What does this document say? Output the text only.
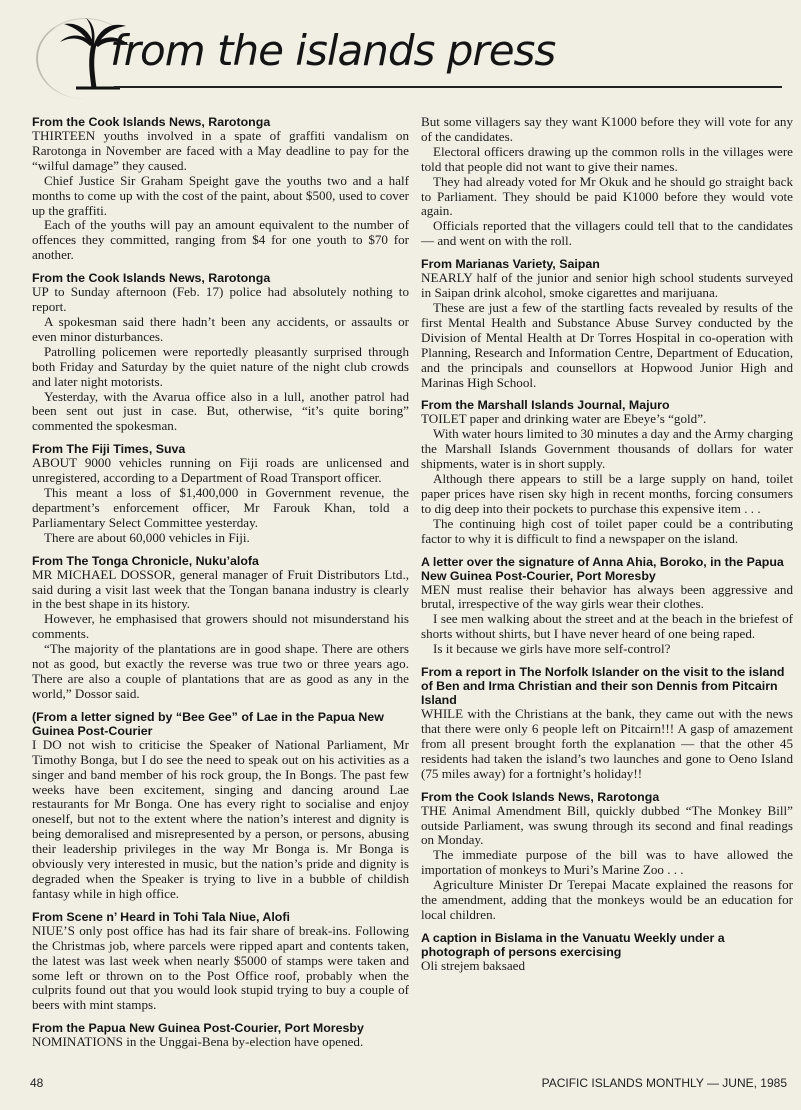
from the islands press
From the Cook Islands News, Rarotonga

THIRTEEN youths involved in a spate of graffiti vandalism on Rarotonga in November are faced with a May deadline to pay for the “wilful damage” they caused.

Chief Justice Sir Graham Speight gave the youths two and a half months to come up with the cost of the paint, about $500, used to cover up the graffiti.

Each of the youths will pay an amount equivalent to the number of offences they committed, ranging from $4 for one youth to $70 for another.

From the Cook Islands News, Rarotonga

UP to Sunday afternoon (Feb. 17) police had absolutely nothing to report.

A spokesman said there hadn’t been any accidents, or assaults or even minor disturbances.

Patrolling policemen were reportedly pleasantly surprised through both Friday and Saturday by the quiet nature of the night club crowds and later night motorists.

Yesterday, with the Avarua office also in a lull, another patrol had been sent out just in case. But, otherwise, “it’s quite boring” commented the spokesman.

From The Fiji Times, Suva

ABOUT 9000 vehicles running on Fiji roads are unlicensed and unregistered, according to a Department of Road Transport officer.

This meant a loss of $1,400,000 in Government revenue, the department’s enforcement officer, Mr Farouk Khan, told a Parliamentary Select Committee yesterday.

There are about 60,000 vehicles in Fiji.

From The Tonga Chronicle, Nuku’alofa

MR MICHAEL DOSSOR, general manager of Fruit Distributors Ltd., said during a visit last week that the Tongan banana industry is clearly in the best shape in its history.

However, he emphasised that growers should not misunderstand his comments.

“The majority of the plantations are in good shape. There are others not as good, but exactly the reverse was true two or three years ago. There are also a couple of plantations that are as good as any in the world,” Dossor said.

(From a letter signed by “Bee Gee” of Lae in the Papua New Guinea Post-Courier

I DO not wish to criticise the Speaker of National Parliament, Mr Timothy Bonga, but I do see the need to speak out on his activities as a singer and band member of his rock group, the In Bongs. The past few weeks have been excitement, singing and dancing around Lae restaurants for Mr Bonga. One has every right to socialise and enjoy oneself, but not to the extent where the nation’s interest and dignity is being demoralised and misrepresented by a person, or persons, abusing their leadership privileges in the way Mr Bonga is. Mr Bonga is obviously very interested in music, but the nation’s pride and dignity is degraded when the Speaker is trying to live in a bubble of childish fantasy while in high office.

From Scene n’ Heard in Tohi Tala Niue, Alofi

NIUE’S only post office has had its fair share of break-ins. Following the Christmas job, where parcels were ripped apart and contents taken, the latest was last week when nearly $5000 of stamps were taken and some left or thrown on to the Post Office roof, probably when the culprits found out that you would look stupid trying to buy a couple of beers with mint stamps.

From the Papua New Guinea Post-Courier, Port Moresby

NOMINATIONS in the Unggai-Bena by-election have opened.

But some villagers say they want K1000 before they will vote for any of the candidates.

Electoral officers drawing up the common rolls in the villages were told that people did not want to give their names.

They had already voted for Mr Okuk and he should go straight back to Parliament. They should be paid K1000 before they would vote again.

Officials reported that the villagers could tell that to the candidates — and went on with the roll.

From Marianas Variety, Saipan

NEARLY half of the junior and senior high school students surveyed in Saipan drink alcohol, smoke cigarettes and marijuana.

These are just a few of the startling facts revealed by results of the first Mental Health and Substance Abuse Survey conducted by the Division of Mental Health at Dr Torres Hospital in co-operation with Planning, Research and Information Centre, Department of Education, and the principals and counsellors at Hopwood Junior High and Marinas High School.

From the Marshall Islands Journal, Majuro

TOILET paper and drinking water are Ebeye’s “gold”.

With water hours limited to 30 minutes a day and the Army charging the Marshall Islands Government thousands of dollars for water shipments, water is in short supply.

Although there appears to still be a large supply on hand, toilet paper prices have risen sky high in recent months, forcing consumers to dig deep into their pockets to purchase this expensive item . . .

The continuing high cost of toilet paper could be a contributing factor to why it is difficult to find a newspaper on the island.

A letter over the signature of Anna Ahia, Boroko, in the Papua New Guinea Post-Courier, Port Moresby

MEN must realise their behavior has always been aggressive and brutal, irrespective of the way girls wear their clothes.

I see men walking about the street and at the beach in the briefest of shorts without shirts, but I have never heard of one being raped.

Is it because we girls have more self-control?

From a report in The Norfolk Islander on the visit to the island of Ben and Irma Christian and their son Dennis from Pitcairn Island

WHILE with the Christians at the bank, they came out with the news that there were only 6 people left on Pitcairn!!! A gasp of amazement from all present brought forth the explanation — that the other 45 residents had taken the island’s two launches and gone to Oeno Island (75 miles away) for a fortnight’s holiday!!

From the Cook Islands News, Rarotonga

THE Animal Amendment Bill, quickly dubbed “The Monkey Bill” outside Parliament, was swung through its second and final readings on Monday.

The immediate purpose of the bill was to have allowed the importation of monkeys to Muri’s Marine Zoo . . .

Agriculture Minister Dr Terepai Macate explained the reasons for the amendment, adding that the monkeys would be an education for local children.

A caption in Bislama in the Vanuatu Weekly under a photograph of persons exercising

Oli strejem baksaed

48	PACIFIC ISLANDS MONTHLY — JUNE, 1985
